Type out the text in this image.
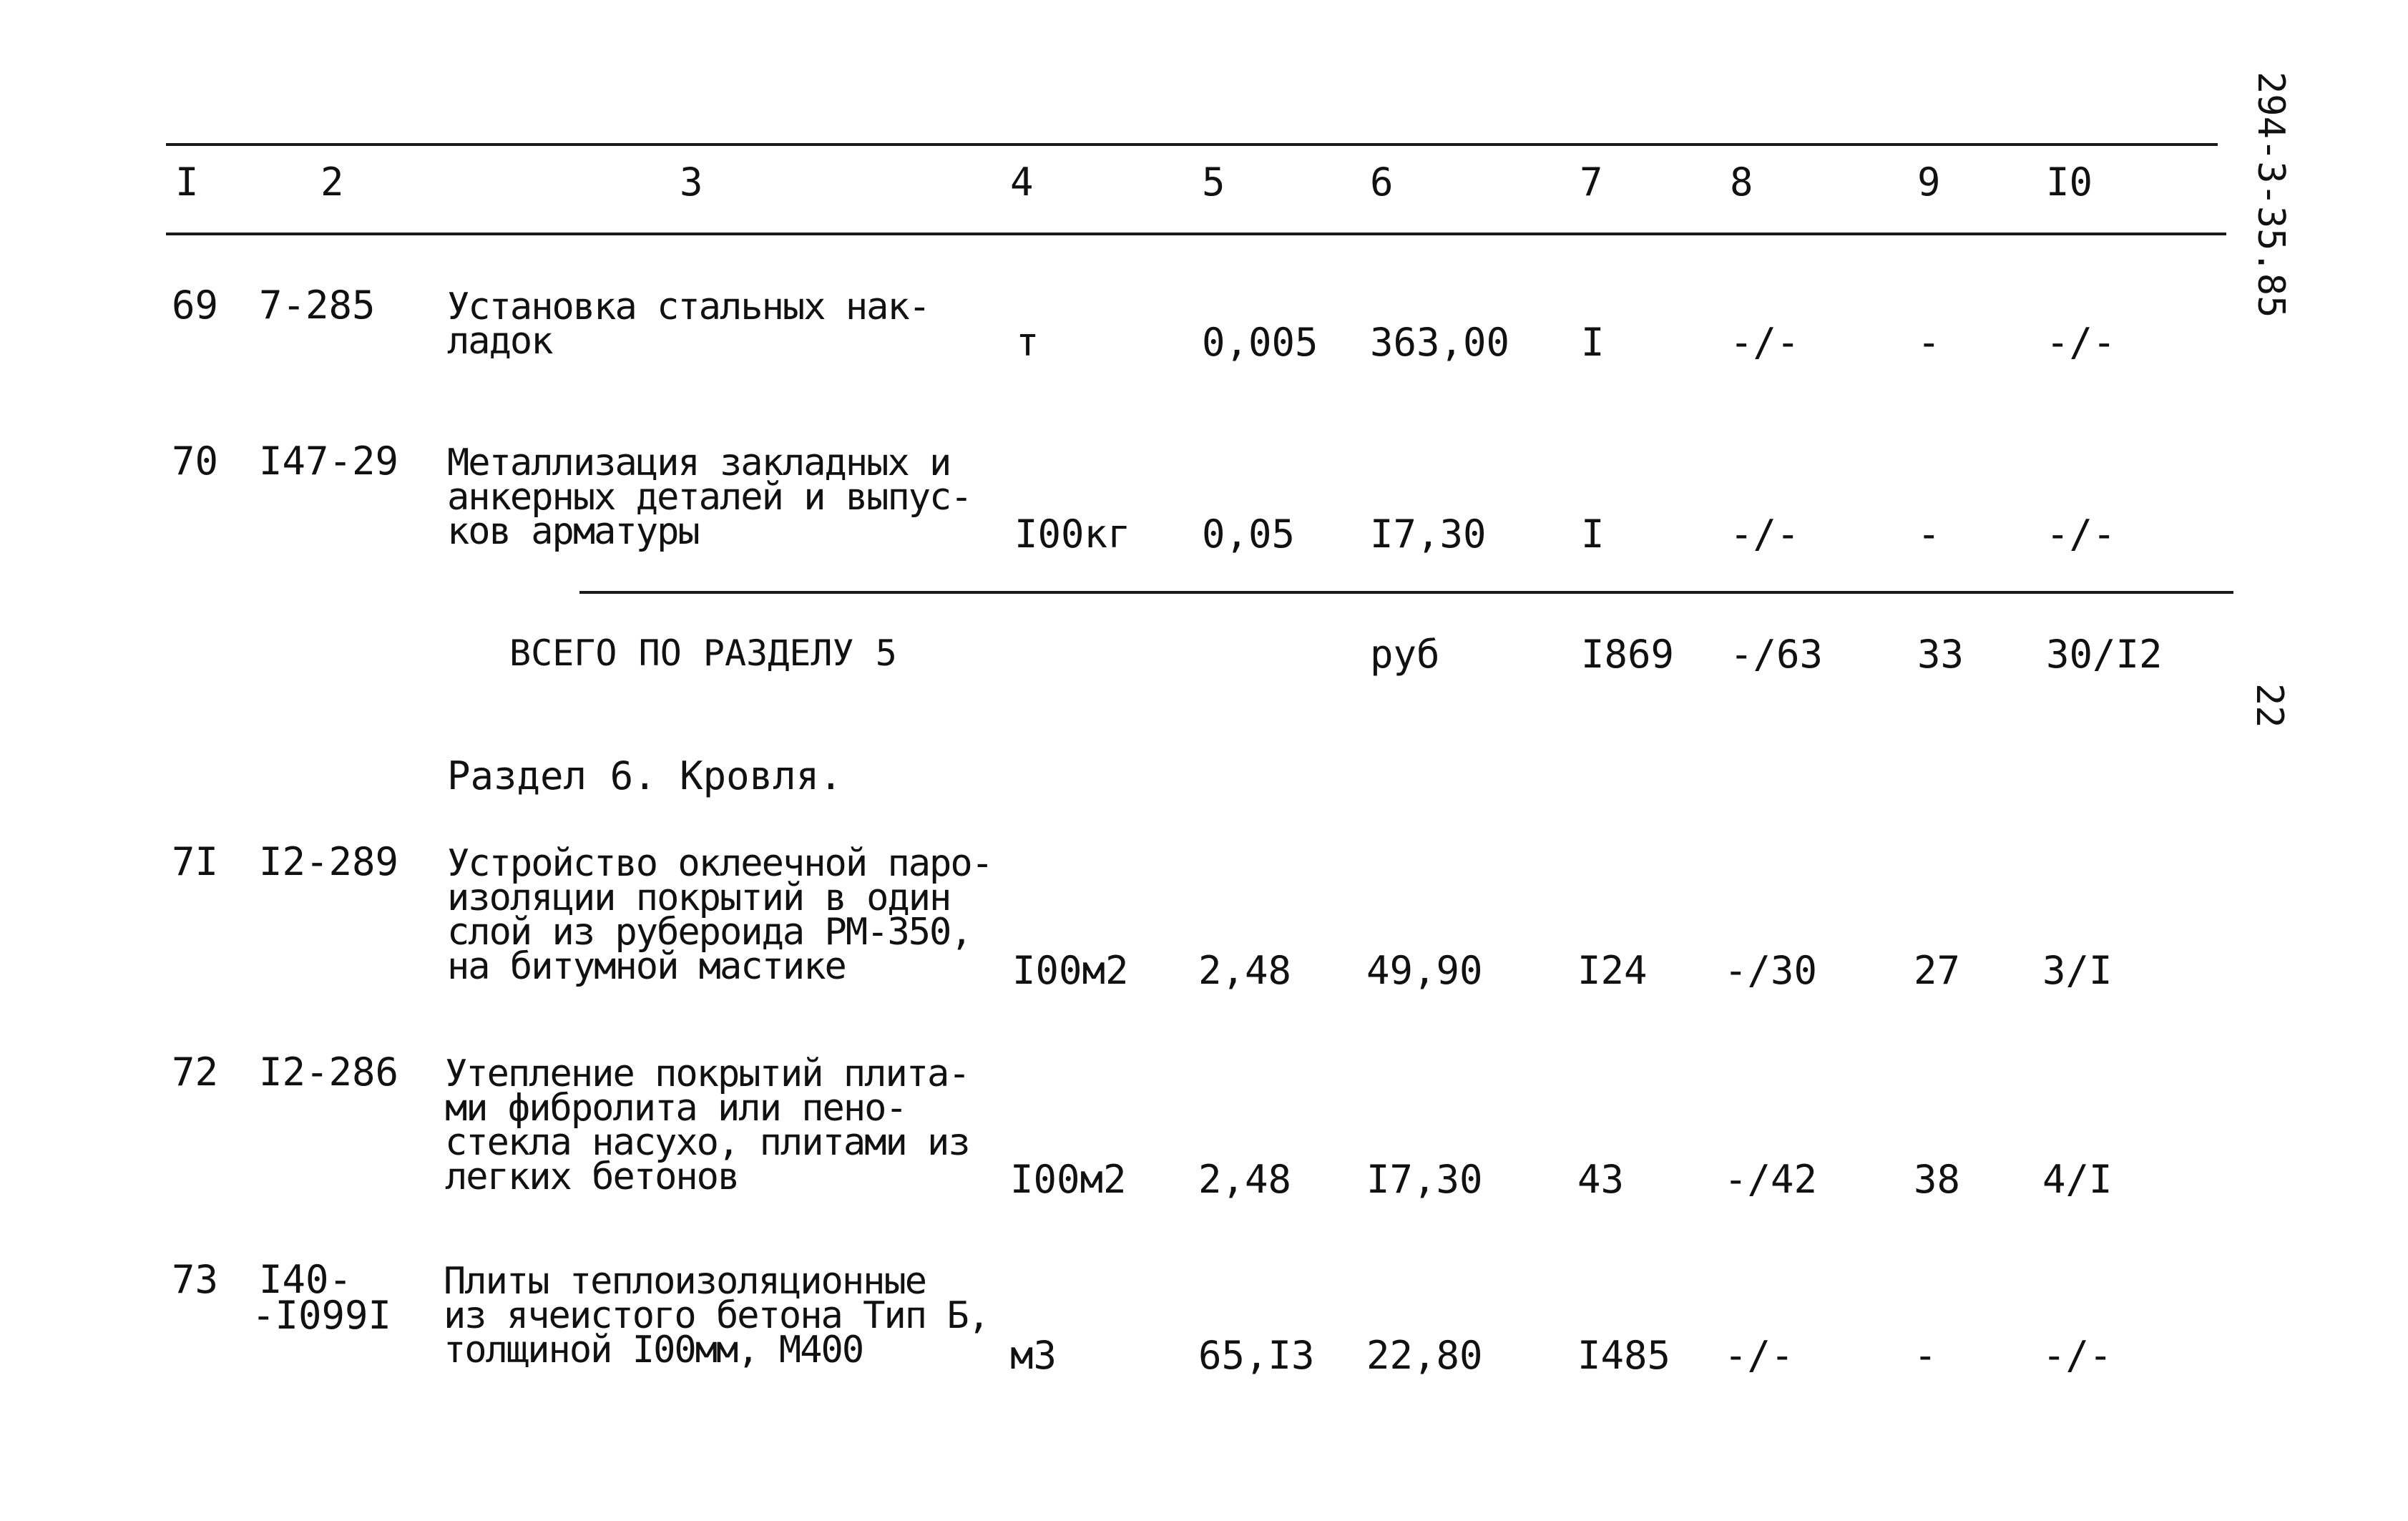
294-3-35.85
22
I	2	3	4	5	6	7	8	9	I0
69 7-285 Установка стальных нак-
ладок	т	0,005 363,00 I	-/-	-	-/-
70 I47-29 Металлизация закладных и
анкерных деталей и выпус-
ков арматуры	I00кг 0,05 I7,30 I	-/-	-	-/-
ВСЕГО ПО РАЗДЕЛУ 5	руб	I869 -/63 33 30/I2
Раздел 6. Кровля.
7I I2-289 Устройство оклеечной паро-
изоляции покрытий в один
слой из рубероида РМ-350,
на битумной мастике	I00м2 2,48 49,90 I24 -/30 27 3/I
72 I2-286 Утепление покрытий плита-
ми фибролита или пено-
стекла насухо, плитами из
легких бетонов	I00м2 2,48 I7,30 43	-/42 38 4/I
73 I40-
-I099I
Плиты теплоизоляционные
из ячеистого бетона Тип Б,
толщиной I00мм, М400	м3	65,I3 22,80 I485 -/-	-	-/-
